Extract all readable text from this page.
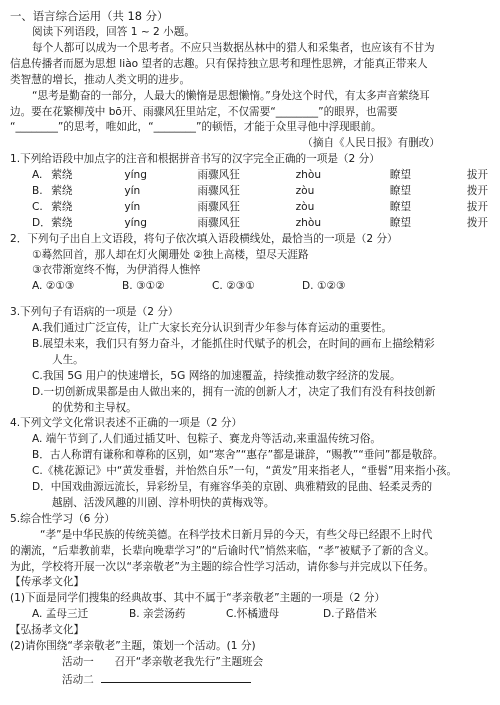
一、语言综合运用（共 18 分）
阅读下列语段，回答 1 ~ 2 小题。
每个人都可以成为一个思考者。不应只当数据丛林中的猎人和采集者，也应该有不甘为
信息传播者而愿为思想 liào 望者的志趣。只有保持独立思考和理性思辨，才能真正带来人
类智慧的增长，推动人类文明的进步。
“思考是勤奋的一部分，人最大的懒惰是思想懒惰。”身处这个时代，有太多声音萦绕耳
边。要在花繁柳茂中 bō开、雨骤风狂里站定，不仅需要“________”的眼界，也需要
“________”的思考，唯如此，“________”的顿悟，才能于众里寻他中浮现眼前。
（摘自《人民日报》有删改）
1.下列给语段中加点字的注音和根据拼音书写的汉字完全正确的一项是（2 分）
A. 萦绕	yíng	雨骤风狂	zhòu	瞭望	拔开
B. 萦绕	yín	雨骤风狂	zòu	瞭望	拨开
C. 萦绕	yín	雨骤风狂	zòu	瞭望	拔开
D． 萦绕	yíng	雨骤风狂	zhòu	瞭望	拨开
2．下列句子出自上文语段，将句子依次填入语段横线处，最恰当的一项是（2 分）
①蓦然回首，那人却在灯火阑珊处 ②独上高楼，望尽天涯路
③衣带渐宽终不悔，为伊消得人憔悴
A. ②①③	B. ③①②	C. ②③①	D. ①②③
3.下列句子有语病的一项是（2 分）
A.我们通过广泛宣传，让广大家长充分认识到青少年参与体育运动的重要性。
B.展望未来，我们只有努力奋斗，才能抓住时代赋予的机会，在时间的画布上描绘精彩
人生。
C.我国 5G 用户的快速增长，5G 网络的加速覆盖，持续推动数字经济的发展。
D.一切创新成果都是由人做出来的，拥有一流的创新人才，决定了我们有没有科技创新
的优势和主导权。
4.下列文学文化常识表述不正确的一项是（2 分）
A. 端午节到了,人们通过插艾叶、包粽子、赛龙舟等活动,来重温传统习俗。
B．古人称谓有谦称和尊称的区别，如“寒舍”“惠存”都是谦辞，“赐教”“垂问”都是敬辞。
C.《桃花源记》中“黄发垂髫，并怡然自乐”一句，“黄发”用来指老人，“垂髫”用来指小孩。
D．中国戏曲源远流长，异彩纷呈，有雍容华美的京剧、典雅精致的昆曲、轻柔灵秀的
越剧、活泼风趣的川剧、淳朴明快的黄梅戏等。
5.综合性学习（6 分）
“孝”是中华民族的传统美德。在科学技术日新月异的今天，有些父母已经跟不上时代
的潮流，“后辈教前辈，长辈向晚辈学习”的“后谕时代”悄然来临，“孝”被赋予了新的含义。
为此，学校将开展一次以“孝亲敬老”为主题的综合性学习活动，请你参与并完成以下任务。
【传承孝文化】
(1)下面是同学们搜集的经典故事、其中不属于“孝亲敬老”主题的一项是（2 分）
A. 孟母三迁	B. 亲尝汤药	C.怀橘遗母	D.子路借米
【弘扬孝文化】
(2)请你围绕“孝亲敬老”主题，策划一个活动。(1 分)
活动一 召开“孝亲敬老我先行”主题班会
活动二
